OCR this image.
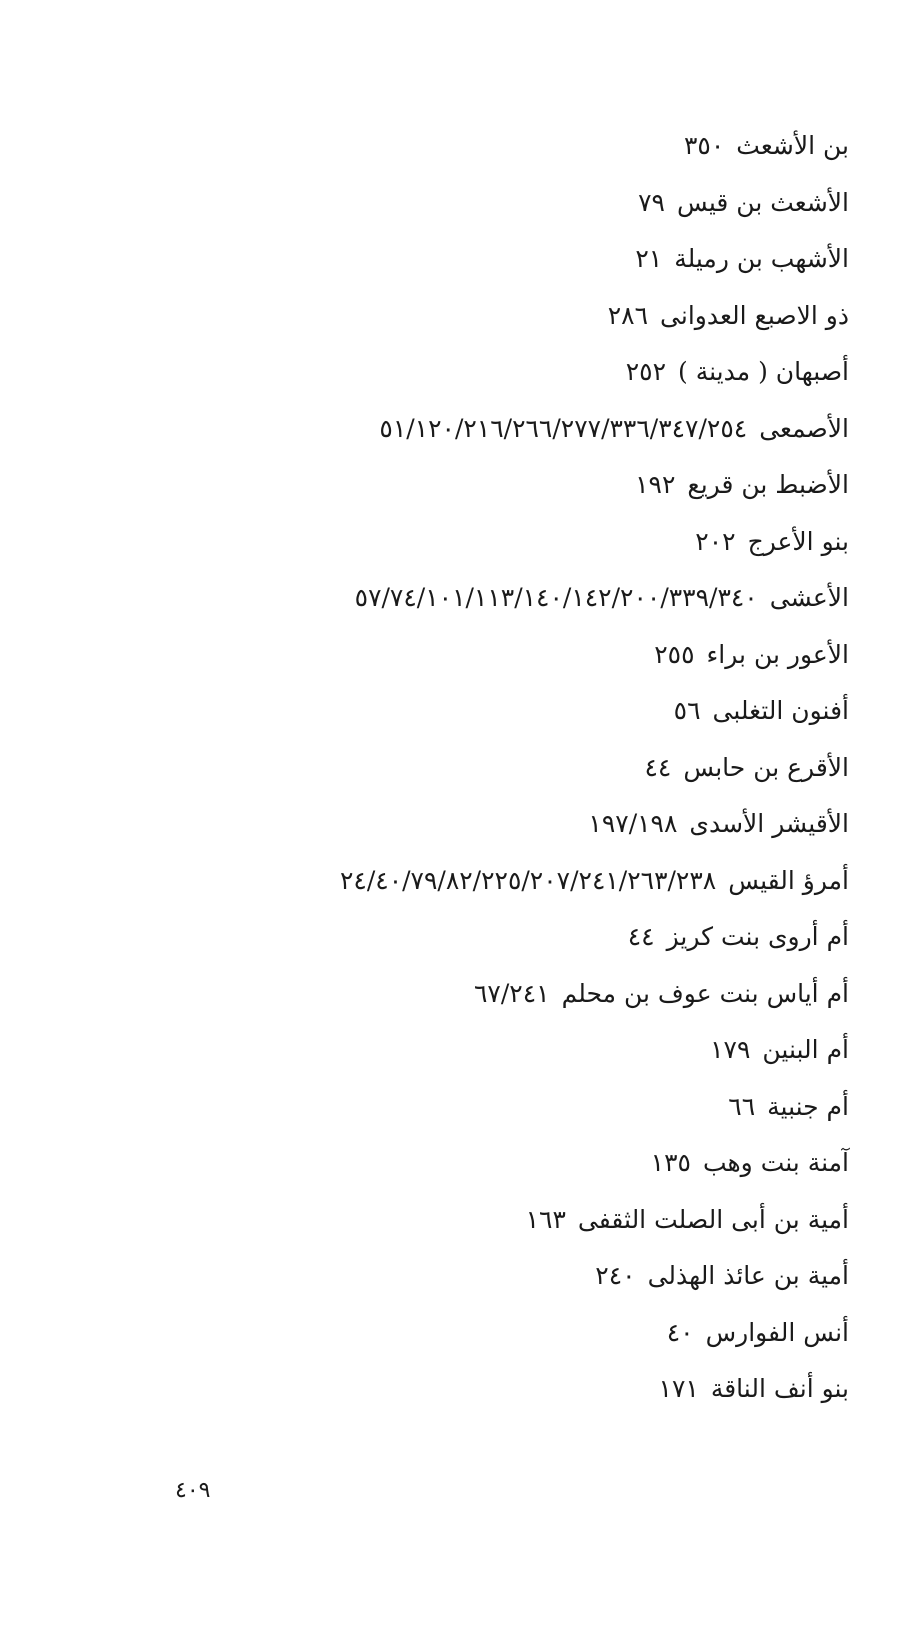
بن الأشعث٣٥٠
الأشعث بن قيس٧٩
الأشهب بن رميلة٢١
ذو الاصبع العدوانى٢٨٦
أصبهان ( مدينة )٢٥٢
الأصمعى٥١/١٢٠/٢١٦/٢٦٦/٢٧٧/٣٣٦/٣٤٧/٢٥٤
الأضبط بن قريع١٩٢
بنو الأعرج٢٠٢
الأعشى٥٧/٧٤/١٠١/١١٣/١٤٠/١٤٢/٢٠٠/٣٣٩/٣٤٠
الأعور بن براء٢٥٥
أفنون التغلبى٥٦
الأقرع بن حابس٤٤
الأقيشر الأسدى١٩٧/١٩٨
أمرؤ القيس٢٤/٤٠/٧٩/٨٢/٢٢٥/٢٠٧/٢٤١/٢٦٣/٢٣٨
أم أروى بنت كريز٤٤
أم أياس بنت عوف بن محلم٦٧/٢٤١
أم البنين١٧٩
أم جنبية٦٦
آمنة بنت وهب١٣٥
أمية بن أبى الصلت الثقفى١٦٣
أمية بن عائذ الهذلى٢٤٠
أنس الفوارس٤٠
بنو أنف الناقة١٧١
٤٠٩
